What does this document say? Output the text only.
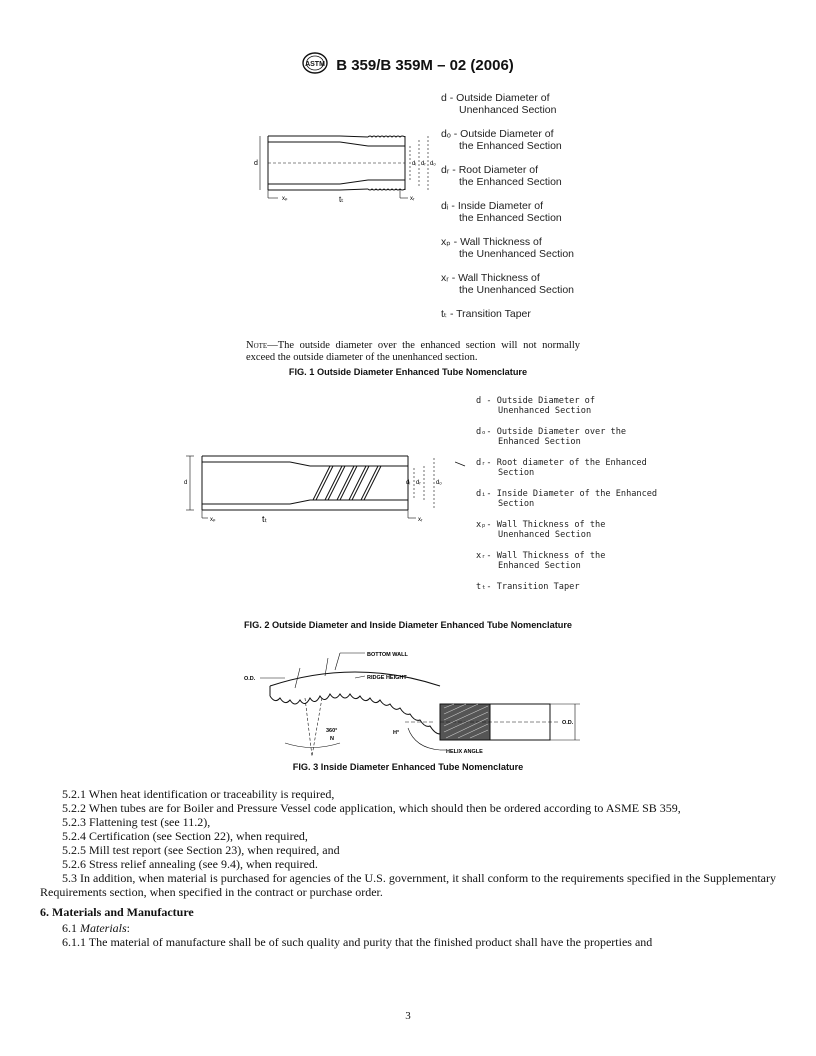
ASTM B 359/B 359M – 02 (2006)
d	dᵢ dᵣ dₒ
xₚ	tₜ	xᵣ
d - Outside Diameter of
Unenhanced Section
dₒ - Outside Diameter of
the Enhanced Section
dᵣ - Root Diameter of
the Enhanced Section
dᵢ - Inside Diameter of
the Enhanced Section
xₚ - Wall Thickness of
the Unenhanced Section
xᵣ - Wall Thickness of
the Unenhanced Section
tₜ - Transition Taper
Note—The outside diameter over the enhanced section will not normally exceed the outside diameter of the unenhanced section.
FIG. 1 Outside Diameter Enhanced Tube Nomenclature
d	dᵢ dᵣ	dₒ
xₚ	tₜ	xᵣ
d - Outside Diameter of
Unenhanced Section
dₒ- Outside Diameter over the
Enhanced Section
dᵣ- Root diameter of the Enhanced
Section
dᵢ- Inside Diameter of the Enhanced
Section
xₚ- Wall Thickness of the
Unenhanced Section
xᵣ- Wall Thickness of the
Enhanced Section
tₜ- Transition Taper
FIG. 2 Outside Diameter and Inside Diameter Enhanced Tube Nomenclature
BOTTOM WALL
RIDGE HEIGHT
O.D.
360°
N
O.D.
H°
HELIX ANGLE
FIG. 3 Inside Diameter Enhanced Tube Nomenclature

5.2.1 When heat identification or traceability is required,

5.2.2 When tubes are for Boiler and Pressure Vessel code application, which should then be ordered according to ASME SB 359,

5.2.3 Flattening test (see 11.2),

5.2.4 Certification (see Section 22), when required,

5.2.5 Mill test report (see Section 23), when required, and

5.2.6 Stress relief annealing (see 9.4), when required.

5.3 In addition, when material is purchased for agencies of the U.S. government, it shall conform to the requirements specified in the Supplementary Requirements section, when specified in the contract or purchase order.

6. Materials and Manufacture

6.1 Materials:

6.1.1 The material of manufacture shall be of such quality and purity that the finished product shall have the properties and

3
